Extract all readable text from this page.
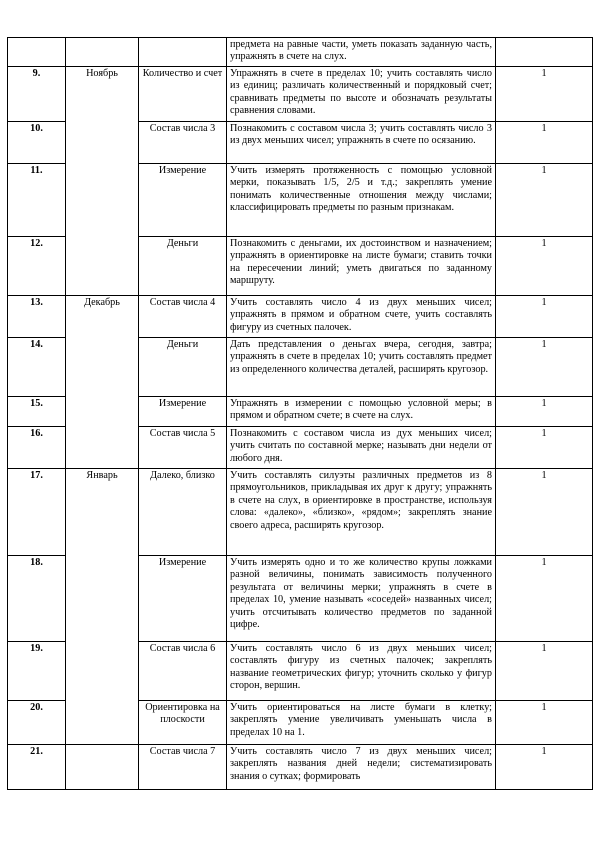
			предмета на равные части, уметь показать заданную часть, упражнять в счете на слух.	
9.	Ноябрь	Количество и счет	Упражнять в счете в пределах 10; учить составлять число из единиц; различать количественный и порядковый счет; сравнивать предметы по высоте и обозначать результаты сравнения словами.	1
10.		Состав числа 3	Познакомить с составом числа 3; учить составлять число 3 из двух меньших чисел; упражнять в счете по осязанию.	1
11.		Измерение	Учить измерять протяженность с помощью условной мерки, показывать 1/5, 2/5 и т.д.; закреплять умение понимать количественные отношения между числами; классифицировать предметы по разным признакам.	1
12.		Деньги	Познакомить с деньгами, их достоинством и назначением; упражнять в ориентировке на листе бумаги; ставить точки на пересечении линий; уметь двигаться по заданному маршруту.	1
13.	Декабрь	Состав числа 4	Учить составлять число 4 из двух меньших чисел; упражнять в прямом и обратном счете, учить составлять фигуру из счетных палочек.	1
14.		Деньги	Дать представления о деньгах вчера, сегодня, завтра; упражнять в счете в пределах 10; учить составлять предмет из определенного количества деталей, расширять кругозор.	1
15.		Измерение	Упражнять в измерении с помощью условной меры; в прямом и обратном счете; в счете на слух.	1
16.		Состав числа 5	Познакомить с составом числа из дух меньших чисел; учить считать по составной мерке; называть дни недели от любого дня.	1
17.	Январь	Далеко, близко	Учить составлять силуэты различных предметов из 8 прямоугольников, прикладывая их друг к другу; упражнять в счете на слух, в ориентировке в пространстве, используя слова: «далеко», «близко», «рядом»; закреплять знание своего адреса, расширять кругозор.	1
18.		Измерение	Учить измерять одно и то же количество крупы ложками разной величины, понимать зависимость полученного результата от величины мерки; упражнять в счете в пределах 10, умение называть «соседей» названных чисел; учить отсчитывать количество предметов по заданной цифре.	1
19.		Состав числа 6	Учить составлять число 6 из двух меньших чисел; составлять фигуру из счетных палочек; закреплять название геометрических фигур; уточнить сколько у фигур сторон, вершин.	1
20.		Ориентировка на плоскости	Учить ориентироваться на листе бумаги в клетку; закреплять умение увеличивать уменьшать числа в пределах 10 на 1.	1
21.		Состав числа 7	Учить составлять число 7 из двух меньших чисел; закреплять названия дней недели; систематизировать знания о сутках; формировать	1
